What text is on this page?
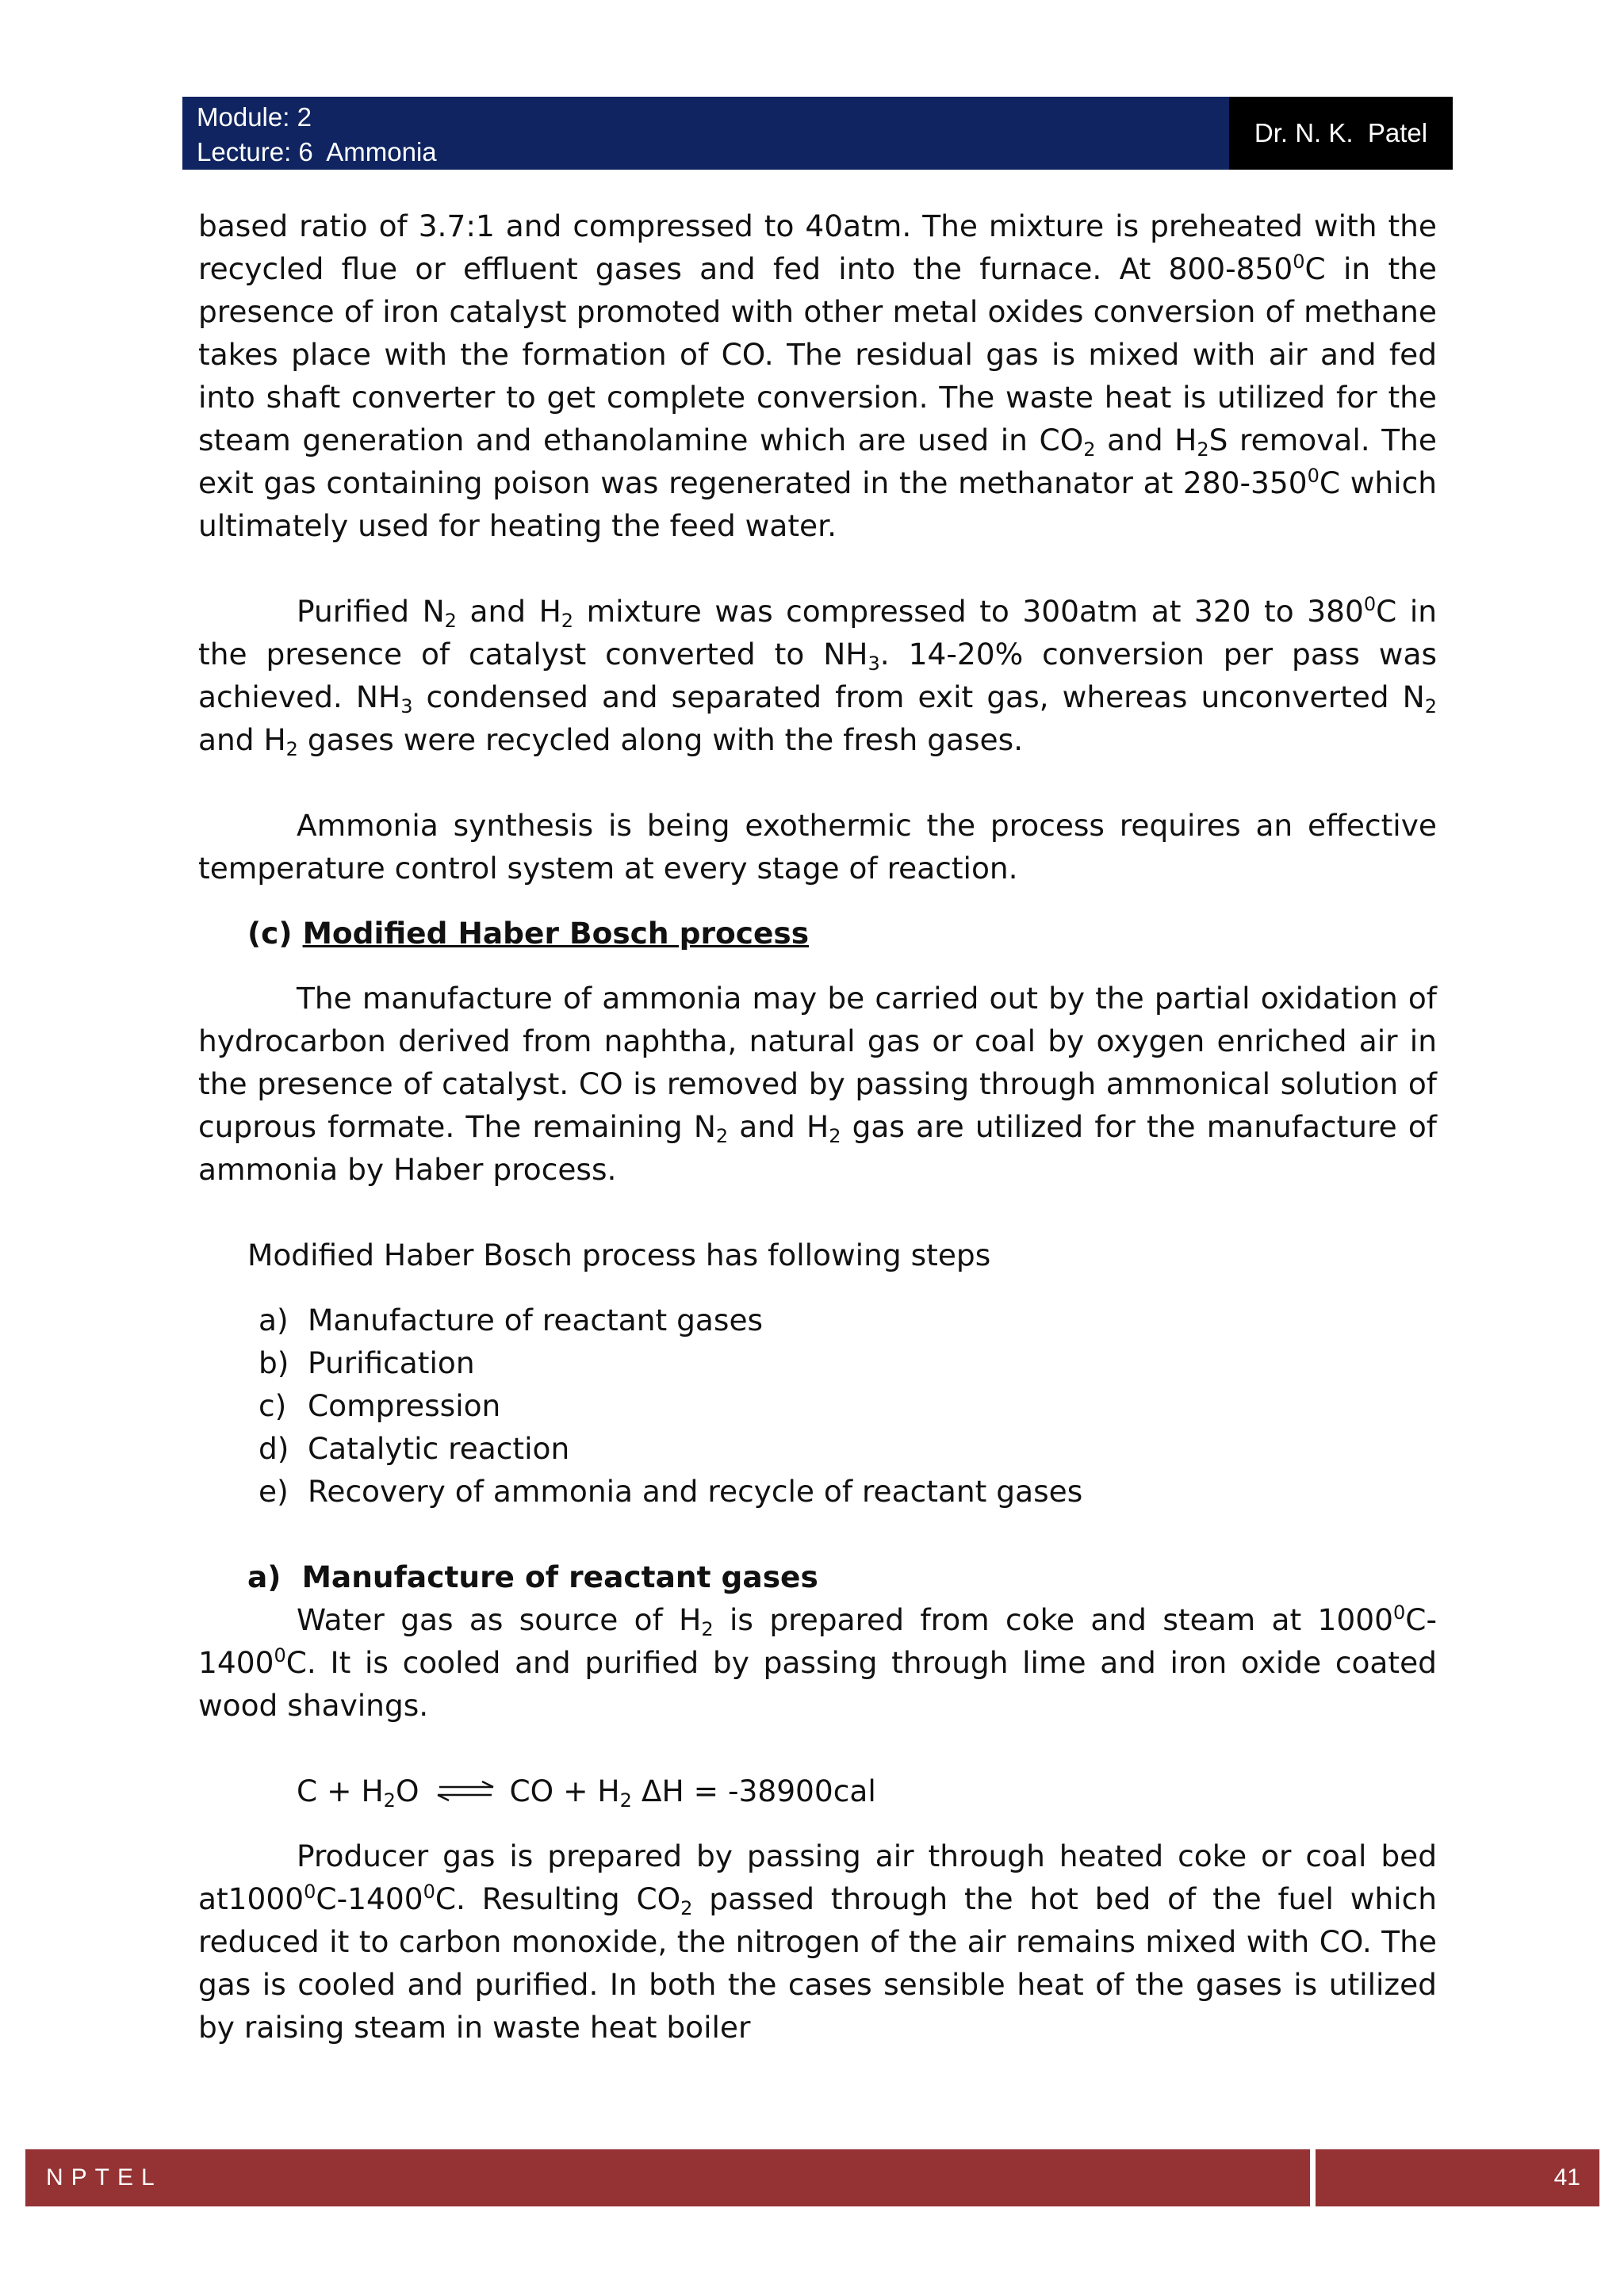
Module: 2
Lecture: 6  Ammonia
Dr. N. K.  Patel

based ratio of 3.7:1 and compressed to 40atm. The mixture is preheated with the recycled flue or effluent gases and fed into the furnace. At $800-850^0C$ in the presence of iron catalyst promoted with other metal oxides conversion of methane takes place with the formation of CO. The residual gas is mixed with air and fed into shaft converter to get complete conversion. The waste heat is utilized for the steam generation and ethanolamine which are used in $CO_2$ and $H_2S$ removal. The exit gas containing poison was regenerated in the methanator at $280-350^0C$ which ultimately used for heating the feed water.

Purified $N_2$ and $H_2$ mixture was compressed to 300atm at 320 to $380^0C$ in the presence of catalyst converted to $NH_3$. 14-20% conversion per pass was achieved. $NH_3$ condensed and separated from exit gas, whereas unconverted $N_2$ and $H_2$ gases were recycled along with the fresh gases.

Ammonia synthesis is being exothermic the process requires an effective temperature control system at every stage of reaction.

(c) Modified Haber Bosch process

The manufacture of ammonia may be carried out by the partial oxidation of hydrocarbon derived from naphtha, natural gas or coal by oxygen enriched air in the presence of catalyst. CO is removed by passing through ammonical solution of cuprous formate. The remaining $N_2$ and $H_2$ gas are utilized for the manufacture of ammonia by Haber process.

Modified Haber Bosch process has following steps

a) Manufacture of reactant gases
b) Purification
c) Compression
d) Catalytic reaction
e) Recovery of ammonia and recycle of reactant gases

a) Manufacture of reactant gases

Water gas as source of $H_2$ is prepared from coke and steam at 1000$^0$C-1400$^0$C. It is cooled and purified by passing through lime and iron oxide coated wood shavings.

$C + H_2O$ ⇌ CO + $H_2$ ΔH = -38900cal

Producer gas is prepared by passing air through heated coke or coal bed at1000$^0$C-1400$^0$C. Resulting $CO_2$ passed through the hot bed of the fuel which reduced it to carbon monoxide, the nitrogen of the air remains mixed with CO. The gas is cooled and purified. In both the cases sensible heat of the gases is utilized by raising steam in waste heat boiler

NPTEL	41
